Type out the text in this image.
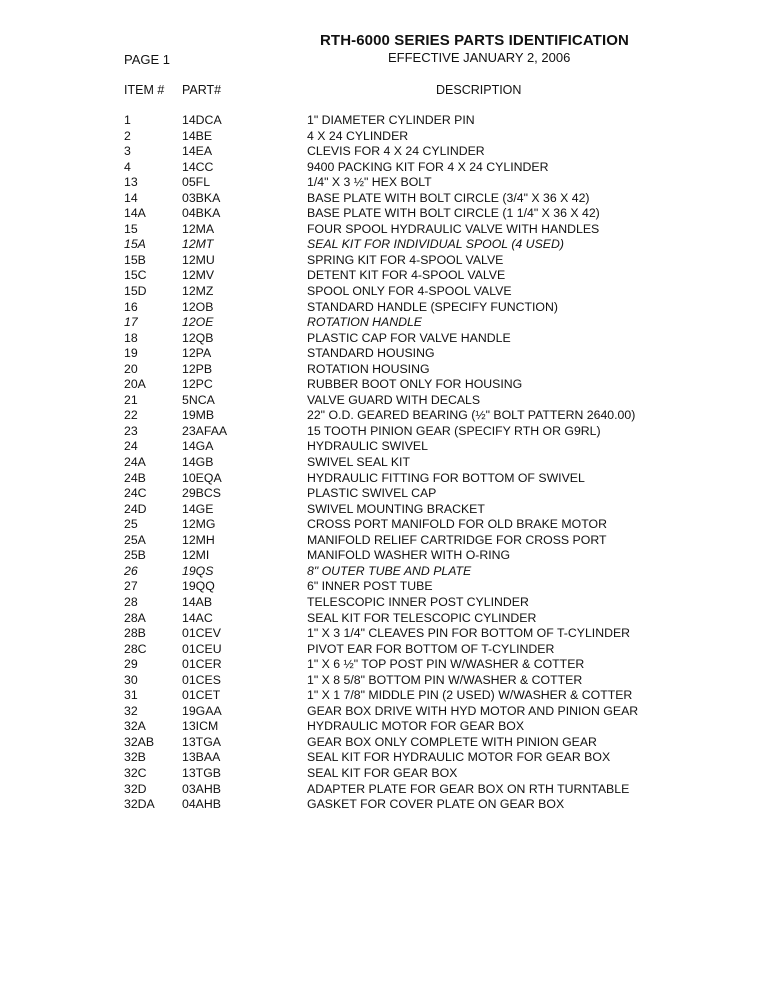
RTH-6000 SERIES PARTS IDENTIFICATION
PAGE 1	EFFECTIVE JANUARY 2, 2006
ITEM # PART#	DESCRIPTION
1	14DCA	1" DIAMETER CYLINDER PIN
2	14BE	4 X 24 CYLINDER
3	14EA	CLEVIS FOR 4 X 24 CYLINDER
4	14CC	9400 PACKING KIT FOR 4 X 24 CYLINDER
13	05FL	1/4" X 3 ½" HEX BOLT
14	03BKA	BASE PLATE WITH BOLT CIRCLE (3/4" X 36 X 42)
14A	04BKA	BASE PLATE WITH BOLT CIRCLE (1 1/4" X 36 X 42)
15	12MA	FOUR SPOOL HYDRAULIC VALVE WITH HANDLES
15A	12MT	SEAL KIT FOR INDIVIDUAL SPOOL (4 USED)
15B	12MU	SPRING KIT FOR 4-SPOOL VALVE
15C	12MV	DETENT KIT FOR 4-SPOOL VALVE
15D	12MZ	SPOOL ONLY FOR 4-SPOOL VALVE
16	12OB	STANDARD HANDLE (SPECIFY FUNCTION)
17	12OE	ROTATION HANDLE
18	12QB	PLASTIC CAP FOR VALVE HANDLE
19	12PA	STANDARD HOUSING
20	12PB	ROTATION HOUSING
20A	12PC	RUBBER BOOT ONLY FOR HOUSING
21	5NCA	VALVE GUARD WITH DECALS
22	19MB	22" O.D. GEARED BEARING (½" BOLT PATTERN 2640.00)
23	23AFAA	15 TOOTH PINION GEAR (SPECIFY RTH OR G9RL)
24	14GA	HYDRAULIC SWIVEL
24A	14GB	SWIVEL SEAL KIT
24B	10EQA	HYDRAULIC FITTING FOR BOTTOM OF SWIVEL
24C	29BCS	PLASTIC SWIVEL CAP
24D	14GE	SWIVEL MOUNTING BRACKET
25	12MG	CROSS PORT MANIFOLD FOR OLD BRAKE MOTOR
25A	12MH	MANIFOLD RELIEF CARTRIDGE FOR CROSS PORT
25B	12MI	MANIFOLD WASHER WITH O-RING
26	19QS	8" OUTER TUBE AND PLATE
27	19QQ	6" INNER POST TUBE
28	14AB	TELESCOPIC INNER POST CYLINDER
28A	14AC	SEAL KIT FOR TELESCOPIC CYLINDER
28B	01CEV	1" X 3 1/4" CLEAVES PIN FOR BOTTOM OF T-CYLINDER
28C	01CEU	PIVOT EAR FOR BOTTOM OF T-CYLINDER
29	01CER	1" X 6 ½" TOP POST PIN W/WASHER & COTTER
30	01CES	1" X 8 5/8" BOTTOM PIN W/WASHER & COTTER
31	01CET	1" X 1 7/8" MIDDLE PIN (2 USED) W/WASHER & COTTER
32	19GAA	GEAR BOX DRIVE WITH HYD MOTOR AND PINION GEAR
32A	13ICM	HYDRAULIC MOTOR FOR GEAR BOX
32AB 13TGA	GEAR BOX ONLY COMPLETE WITH PINION GEAR
32B	13BAA	SEAL KIT FOR HYDRAULIC MOTOR FOR GEAR BOX
32C	13TGB	SEAL KIT FOR GEAR BOX
32D	03AHB	ADAPTER PLATE FOR GEAR BOX ON RTH TURNTABLE
32DA 04AHB	GASKET FOR COVER PLATE ON GEAR BOX
